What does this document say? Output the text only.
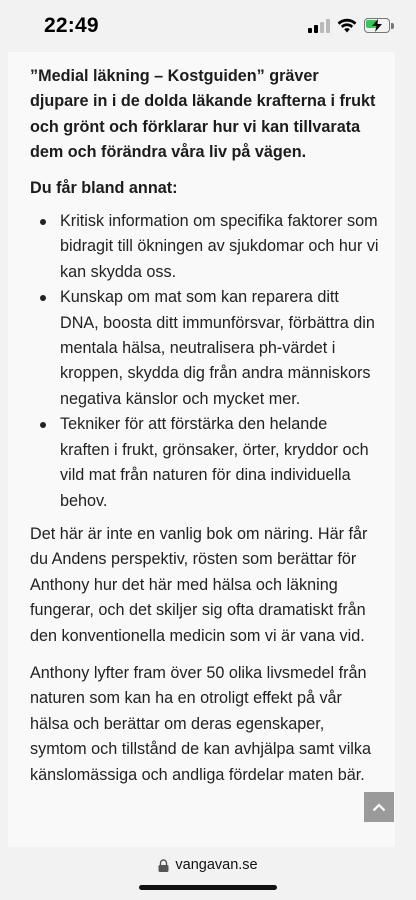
22:49

”Medial läkning – Kostguiden” gräver djupare in i de dolda läkande krafterna i frukt och grönt och förklarar hur vi kan tillvarata dem och förändra våra liv på vägen.

Du får bland annat:

Kritisk information om specifika faktorer som bidragit till ökningen av sjukdomar och hur vi kan skydda oss.
Kunskap om mat som kan reparera ditt DNA, boosta ditt immunförsvar, förbättra din mentala hälsa, neutralisera ph-värdet i kroppen, skydda dig från andra människors negativa känslor och mycket mer.
Tekniker för att förstärka den helande kraften i frukt, grönsaker, örter, kryddor och vild mat från naturen för dina individuella behov.

Det här är inte en vanlig bok om näring. Här får du Andens perspektiv, rösten som berättar för Anthony hur det här med hälsa och läkning fungerar, och det skiljer sig ofta dramatiskt från den konventionella medicin som vi är vana vid.

Anthony lyfter fram över 50 olika livsmedel från naturen som kan ha en otroligt effekt på vår hälsa och berättar om deras egenskaper, symtom och tillstånd de kan avhjälpa samt vilka känslomässiga och andliga fördelar maten bär.

vangavan.se
